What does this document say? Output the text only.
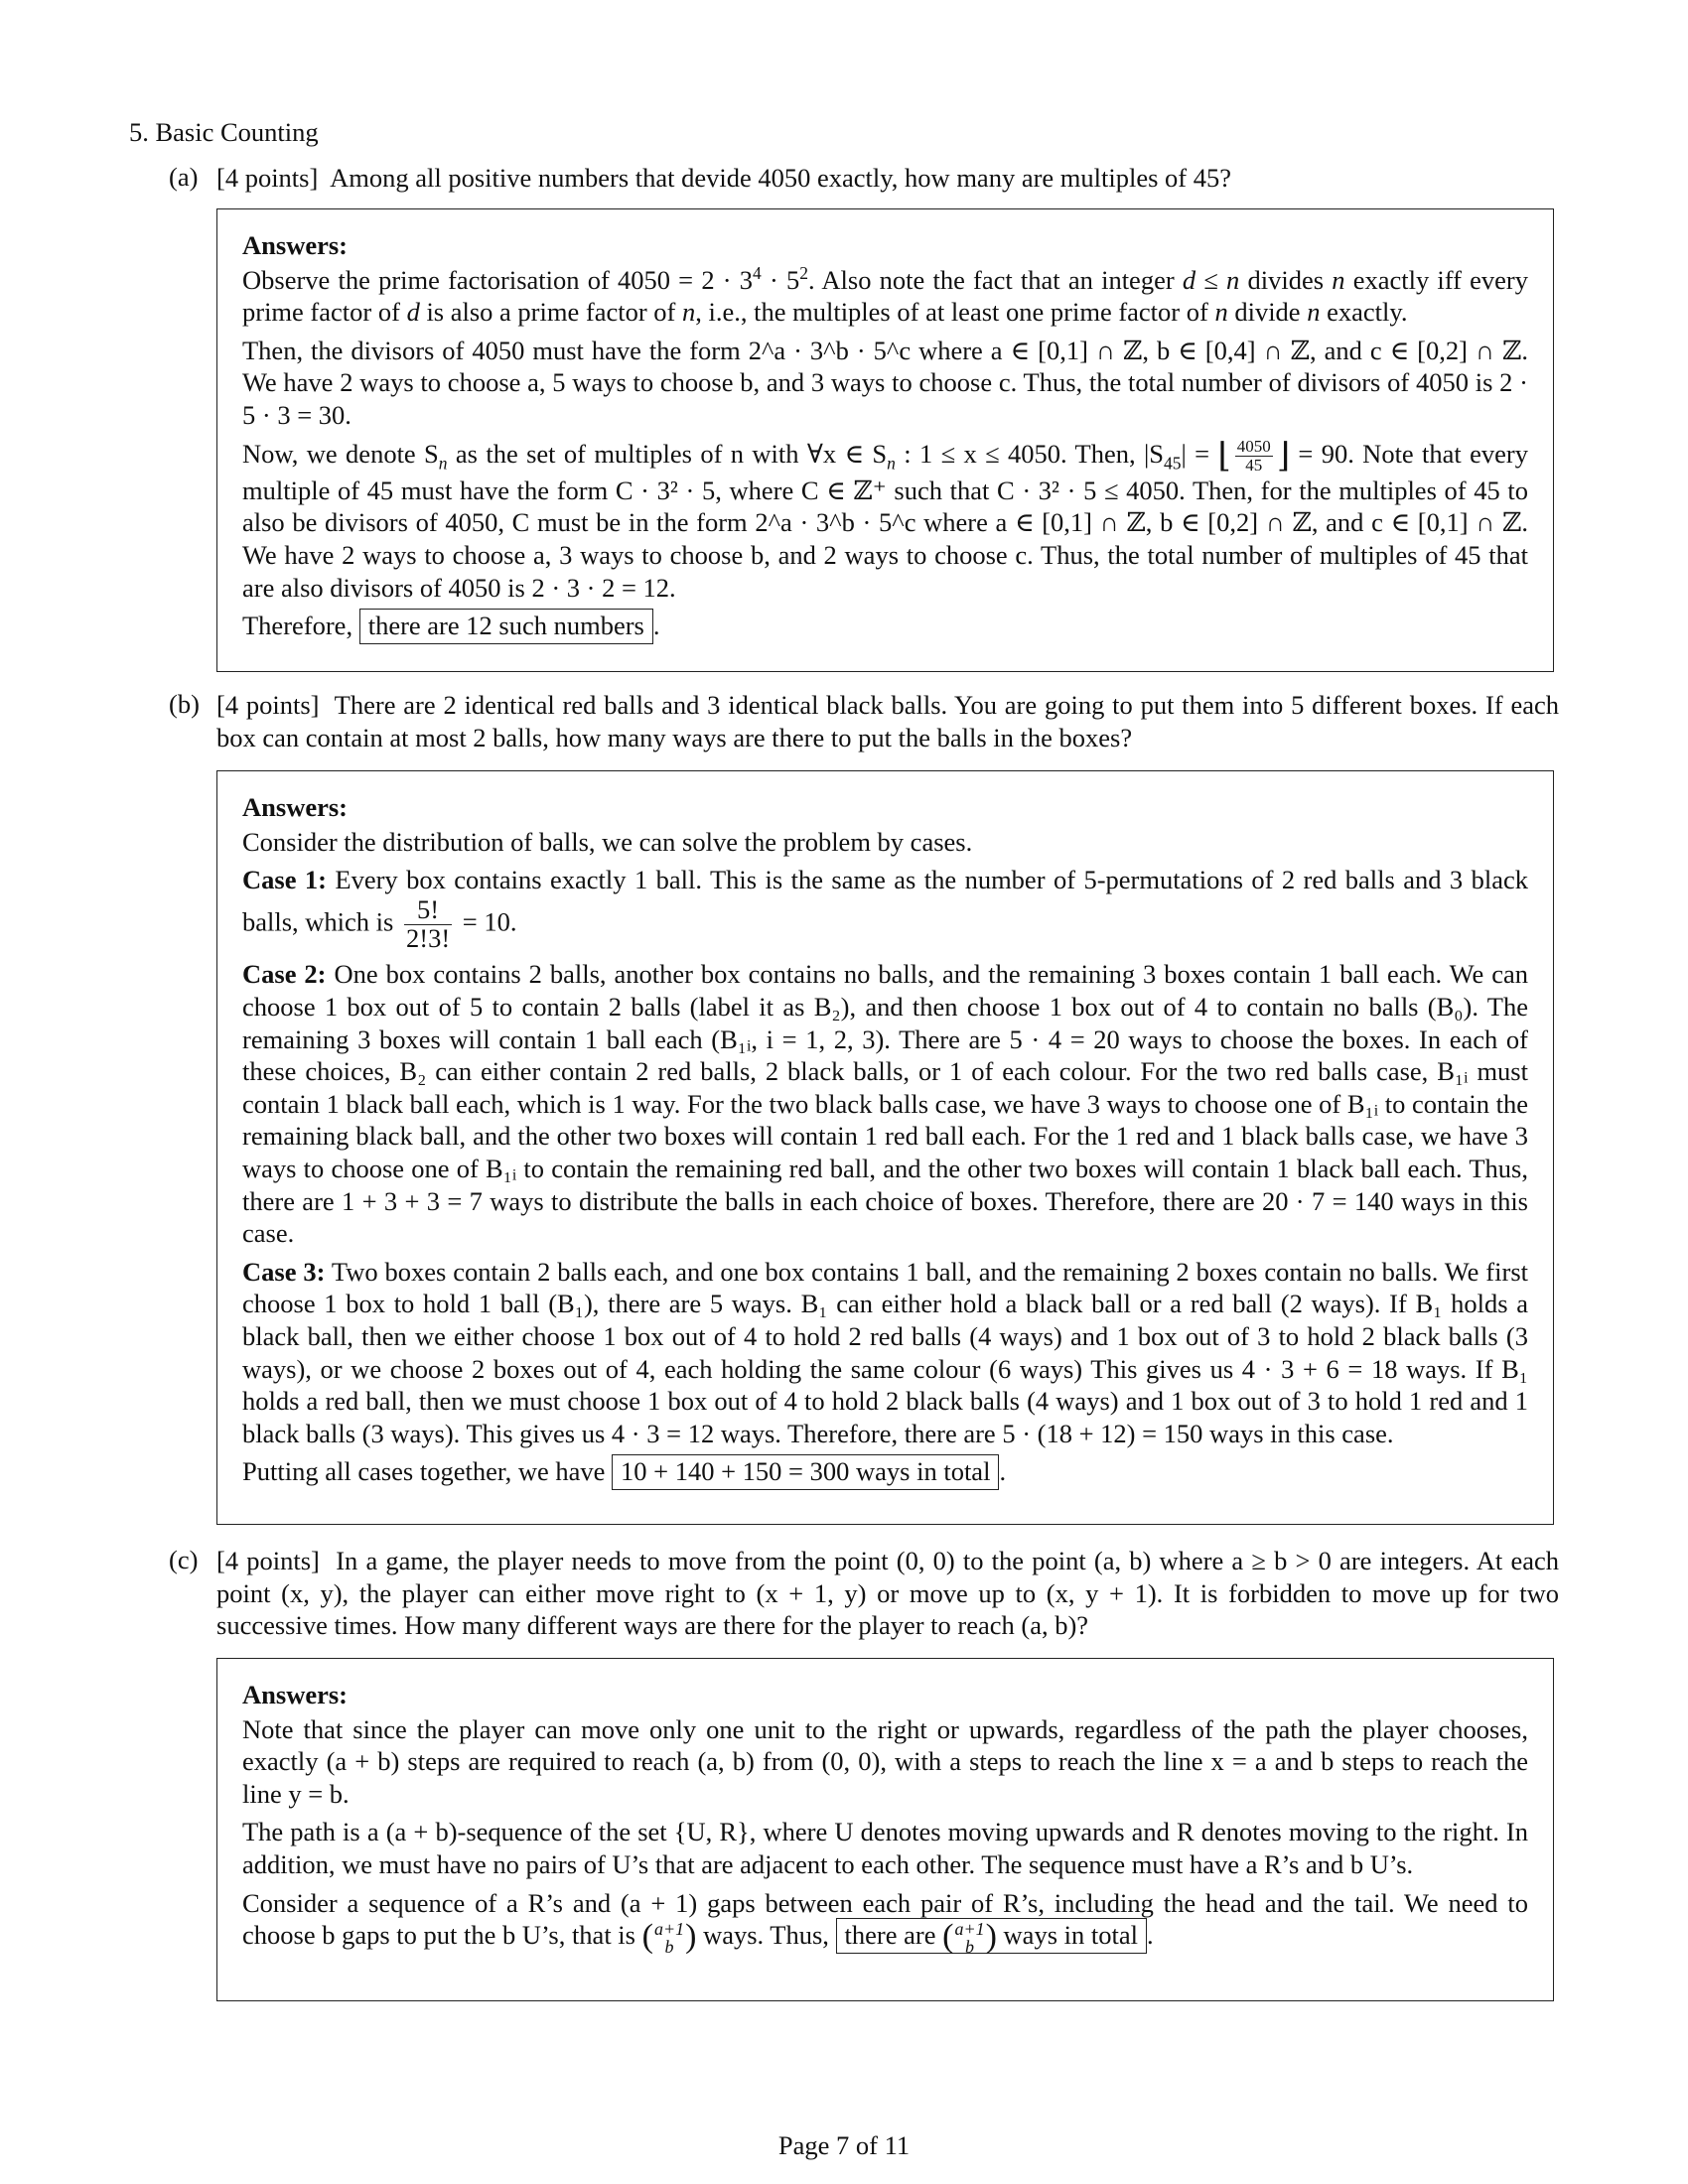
5. Basic Counting
(a) [4 points] Among all positive numbers that devide 4050 exactly, how many are multiples of 45?

Answers:

Observe the prime factorisation of $4050 = 2 \cdot 3^4 \cdot 5^2$. Also note the fact that an integer d ≤ n divides n exactly iff every prime factor of d is also a prime factor of n, i.e., the multiples of at least one prime factor of n divide n exactly.

Then, the divisors of 4050 must have the form 2^a · 3^b · 5^c where a ∈ [0,1] ∩ ℤ, b ∈ [0,4] ∩ ℤ, and c ∈ [0,2] ∩ ℤ. We have 2 ways to choose a, 5 ways to choose b, and 3 ways to choose c. Thus, the total number of divisors of 4050 is 2 · 5 · 3 = 30.

Now, we denote $S_n$ as the set of multiples of n with ∀x ∈ $S_n$ : 1 ≤ x ≤ 4050. Then, $|S_{45}|$ = ⌊ $\frac{4050}{45}$ ⌋ = 90. Note that every multiple of 45 must have the form C · 3² · 5, where C ∈ ℤ⁺ such that C · 3² · 5 ≤ 4050. Then, for the multiples of 45 to also be divisors of 4050, C must be in the form 2^a · 3^b · 5^c where a ∈ [0,1] ∩ ℤ, b ∈ [0,2] ∩ ℤ, and c ∈ [0,1] ∩ ℤ. We have 2 ways to choose a, 3 ways to choose b, and 2 ways to choose c. Thus, the total number of multiples of 45 that are also divisors of 4050 is 2 · 3 · 2 = 12.

Therefore, there are 12 such numbers .

(b) [4 points] There are 2 identical red balls and 3 identical black balls. You are going to put them into 5 different boxes. If each box can contain at most 2 balls, how many ways are there to put the balls in the boxes?

Answers:

Consider the distribution of balls, we can solve the problem by cases.

Case 1: Every box contains exactly 1 ball. This is the same as the number of 5-permutations of 2 red balls and 3 black balls, which is $\frac{5!}{2!3!} = 10$.

Case 2: One box contains 2 balls, another box contains no balls, and the remaining 3 boxes contain 1 ball each. We can choose 1 box out of 5 to contain 2 balls (label it as B₂), and then choose 1 box out of 4 to contain no balls (B₀). The remaining 3 boxes will contain 1 ball each (B₁ᵢ, i = 1, 2, 3). There are 5 · 4 = 20 ways to choose the boxes. In each of these choices, B₂ can either contain 2 red balls, 2 black balls, or 1 of each colour. For the two red balls case, B₁ᵢ must contain 1 black ball each, which is 1 way. For the two black balls case, we have 3 ways to choose one of B₁ᵢ to contain the remaining black ball, and the other two boxes will contain 1 red ball each. For the 1 red and 1 black balls case, we have 3 ways to choose one of B₁ᵢ to contain the remaining red ball, and the other two boxes will contain 1 black ball each. Thus, there are 1 + 3 + 3 = 7 ways to distribute the balls in each choice of boxes. Therefore, there are 20 · 7 = 140 ways in this case.

Case 3: Two boxes contain 2 balls each, and one box contains 1 ball, and the remaining 2 boxes contain no balls. We first choose 1 box to hold 1 ball (B₁), there are 5 ways. B₁ can either hold a black ball or a red ball (2 ways). If B₁ holds a black ball, then we either choose 1 box out of 4 to hold 2 red balls (4 ways) and 1 box out of 3 to hold 2 black balls (3 ways), or we choose 2 boxes out of 4, each holding the same colour (6 ways) This gives us 4 · 3 + 6 = 18 ways. If B₁ holds a red ball, then we must choose 1 box out of 4 to hold 2 black balls (4 ways) and 1 box out of 3 to hold 1 red and 1 black balls (3 ways). This gives us 4 · 3 = 12 ways. Therefore, there are 5 · (18 + 12) = 150 ways in this case.

Putting all cases together, we have 10 + 140 + 150 = 300 ways in total .

(c) [4 points] In a game, the player needs to move from the point (0, 0) to the point (a, b) where a ≥ b > 0 are integers. At each point (x, y), the player can either move right to (x + 1, y) or move up to (x, y + 1). It is forbidden to move up for two successive times. How many different ways are there for the player to reach (a, b)?

Answers:

Note that since the player can move only one unit to the right or upwards, regardless of the path the player chooses, exactly (a + b) steps are required to reach (a, b) from (0, 0), with a steps to reach the line x = a and b steps to reach the line y = b.

The path is a (a + b)-sequence of the set {U, R}, where U denotes moving upwards and R denotes moving to the right. In addition, we must have no pairs of U’s that are adjacent to each other. The sequence must have a R’s and b U’s.

Consider a sequence of a R’s and (a + 1) gaps between each pair of R’s, including the head and the tail. We need to choose b gaps to put the b U’s, that is ( a+1
b ) ways. Thus, there are ( a+1
b ) ways in total .

Page 7 of 11
